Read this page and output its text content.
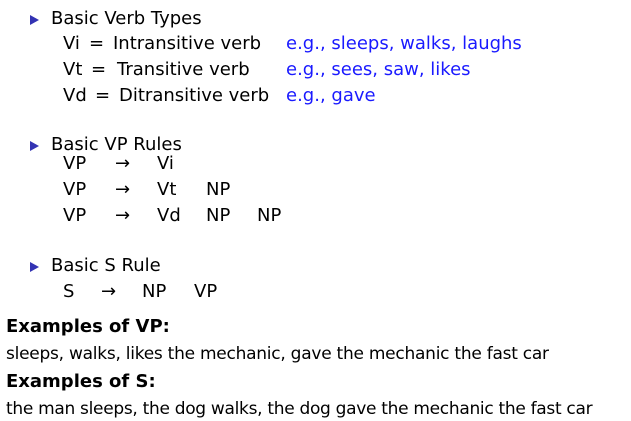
Basic Verb Types
Vi = Intransitive verb e.g., sleeps, walks, laughs
Vt = Transitive verb e.g., sees, saw, likes
Vd = Ditransitive verb e.g., gave
Basic VP Rules
VP → Vi
VP → Vt NP
VP → Vd NP NP
Basic S Rule
S → NP VP
Examples of VP:
sleeps, walks, likes the mechanic, gave the mechanic the fast car
Examples of S:
the man sleeps, the dog walks, the dog gave the mechanic the fast car
